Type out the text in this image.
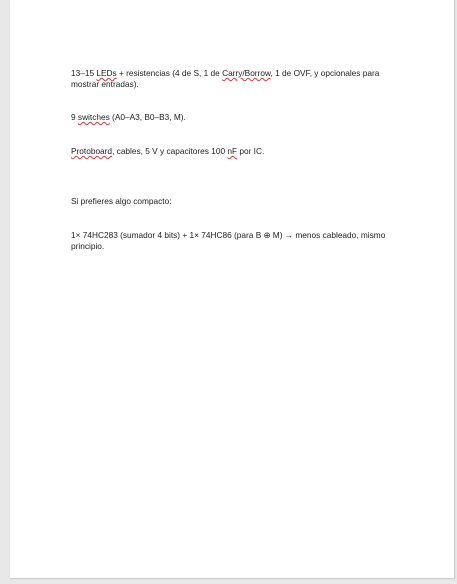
13–15 LEDs + resistencias (4 de S, 1 de Carry/Borrow, 1 de OVF, y opcionales para mostrar entradas).

9 switches (A0–A3, B0–B3, M).

Protoboard, cables, 5 V y capacitores 100 nF por IC.

Si prefieres algo compacto:

1× 74HC283 (sumador 4 bits) + 1× 74HC86 (para B ⊕ M) → menos cableado, mismo principio.
